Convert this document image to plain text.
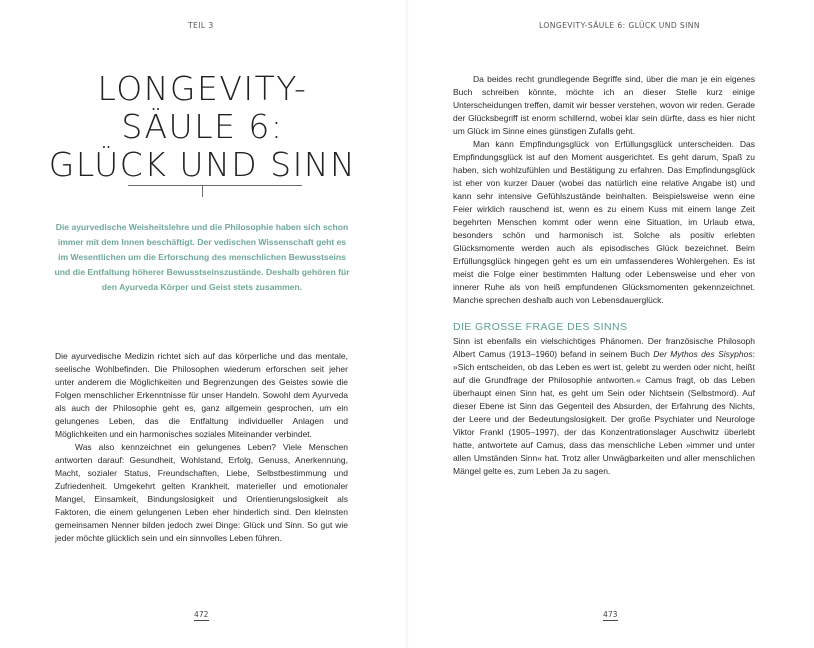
TEIL 3
LONGEVITY-
SÄULE 6:
GLÜCK UND SINN
Die ayurvedische Weisheitslehre und die Philosophie haben sich schon immer mit dem Innen beschäftigt. Der vedischen Wissenschaft geht es im Wesentlichen um die Erforschung des menschlichen Bewusstseins und die Entfaltung höherer Bewusstseinszustände. Deshalb gehören für den Ayurveda Körper und Geist stets zusammen.

Die ayurvedische Medizin richtet sich auf das körperliche und das mentale, seelische Wohlbefinden. Die Philosophen wiederum erforschen seit jeher unter anderem die Möglichkeiten und Begrenzungen des Geistes sowie die Folgen menschlicher Erkenntnisse für unser Handeln. Sowohl dem Ayurveda als auch der Philosophie geht es, ganz allgemein gesprochen, um ein gelungenes Leben, das die Entfaltung individueller Anlagen und Möglichkeiten und ein harmonisches soziales Miteinander verbindet.

Was also kennzeichnet ein gelungenes Leben? Viele Menschen antworten darauf: Gesundheit, Wohlstand, Erfolg, Genuss, Anerkennung, Macht, sozialer Status, Freundschaften, Liebe, Selbstbestimmung und Zufriedenheit. Umgekehrt gelten Krankheit, materieller und emotionaler Mangel, Einsamkeit, Bindungslosigkeit und Orientierungslosigkeit als Faktoren, die einem gelungenen Leben eher hinderlich sind. Den kleinsten gemeinsamen Nenner bilden jedoch zwei Dinge: Glück und Sinn. So gut wie jeder möchte glücklich sein und ein sinnvolles Leben führen.

472
LONGEVITY-SÄULE 6: GLÜCK UND SINN

Da beides recht grundlegende Begriffe sind, über die man je ein eigenes Buch schreiben könnte, möchte ich an dieser Stelle kurz einige Unterscheidungen treffen, damit wir besser verstehen, wovon wir reden. Gerade der Glücksbegriff ist enorm schillernd, wobei klar sein dürfte, dass es hier nicht um Glück im Sinne eines günstigen Zufalls geht.

Man kann Empfindungsglück von Erfüllungsglück unterscheiden. Das Empfindungsglück ist auf den Moment ausgerichtet. Es geht darum, Spaß zu haben, sich wohlzufühlen und Bestätigung zu erfahren. Das Empfindungsglück ist eher von kurzer Dauer (wobei das natürlich eine relative Angabe ist) und kann sehr intensive Gefühlszustände beinhalten. Beispielsweise wenn eine Feier wirklich rauschend ist, wenn es zu einem Kuss mit einem lange Zeit begehrten Menschen kommt oder wenn eine Situation, im Urlaub etwa, besonders schön und harmonisch ist. Solche als positiv erlebten Glücksmomente werden auch als episodisches Glück bezeichnet. Beim Erfüllungsglück hingegen geht es um ein umfassenderes Wohlergehen. Es ist meist die Folge einer bestimmten Haltung oder Lebensweise und eher von innerer Ruhe als von heiß empfundenen Glücksmomenten gekennzeichnet. Manche sprechen deshalb auch von Lebensdauerglück.

DIE GROSSE FRAGE DES SINNS

Sinn ist ebenfalls ein vielschichtiges Phänomen. Der französische Philosoph Albert Camus (1913–1960) befand in seinem Buch Der Mythos des Sisyphos: »Sich entscheiden, ob das Leben es wert ist, gelebt zu werden oder nicht, heißt auf die Grundfrage der Philosophie antworten.« Camus fragt, ob das Leben überhaupt einen Sinn hat, es geht um Sein oder Nichtsein (Selbstmord). Auf dieser Ebene ist Sinn das Gegenteil des Absurden, der Erfahrung des Nichts, der Leere und der Bedeutungslosigkeit. Der große Psychiater und Neurologe Viktor Frankl (1905–1997), der das Konzentrationslager Auschwitz überlebt hatte, antwortete auf Camus, dass das menschliche Leben »immer und unter allen Umständen Sinn« hat. Trotz aller Unwägbarkeiten und aller menschlichen Mängel gelte es, zum Leben Ja zu sagen.

473
